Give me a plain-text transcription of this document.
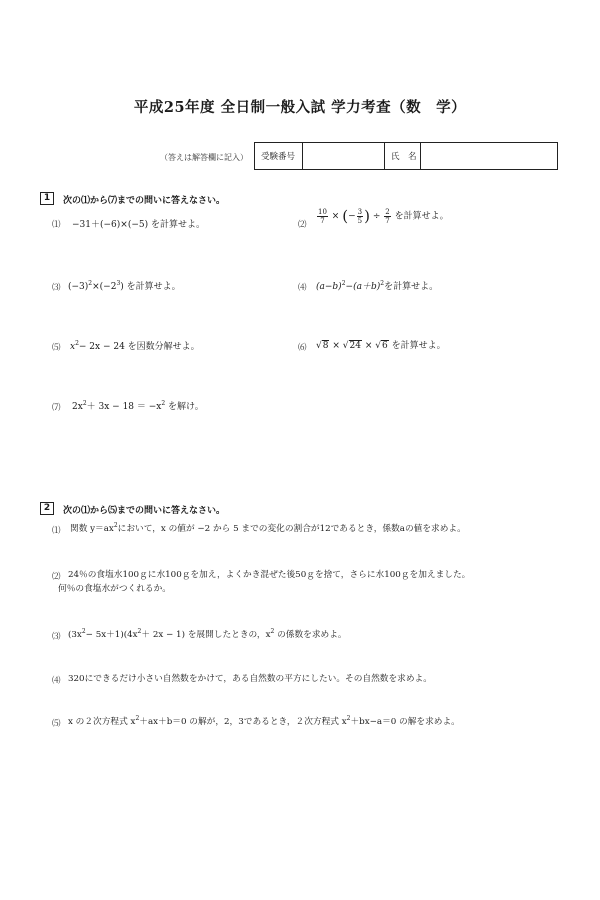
平成25年度 全日制一般入試 学力考査（数　学）
（答えは解答欄に記入）	受験番号	氏　名
1	次の⑴から⑺までの問いに答えなさい。
⑴ −31＋(−6)×(−5) を計算せよ。	⑵
$\frac{10}{7}$ × (− $\frac{3}{5}$ ) ÷ $\frac{2}{7}$ を計算せよ。
⑶ $(-3)^2\times(-2^3)$ を計算せよ。	⑷ $(a-b)^2-(a+b)^2$を計算せよ。
⑸ $x^2- 2x - 24$ を因数分解せよ。	⑹ √8 × √24 × √6 を計算せよ。
⑺ $2x^2+ 3x - 18 = -x^2$ を解け。
2	次の⑴から⑸までの問いに答えなさい。
⑴ 関数 $y=ax^2$において，x の値が −2 から 5 までの変化の割合が12であるとき，係数aの値を求めよ。
⑵ 24％の食塩水100ｇに水100ｇを加え，よくかき混ぜた後50ｇを捨て，さらに水100ｇを加えました。
何％の食塩水がつくれるか。
⑶ $(3x^2- 5x+1)(4x^2+ 2x - 1)$ を展開したときの，$x^2$ の係数を求めよ。
⑷ 320にできるだけ小さい自然数をかけて，ある自然数の平方にしたい。その自然数を求めよ。
⑸ x の２次方程式 $x^2+ax+b=0$ の解が，2，3であるとき，２次方程式 $x^2+bx-a=0$ の解を求めよ。
